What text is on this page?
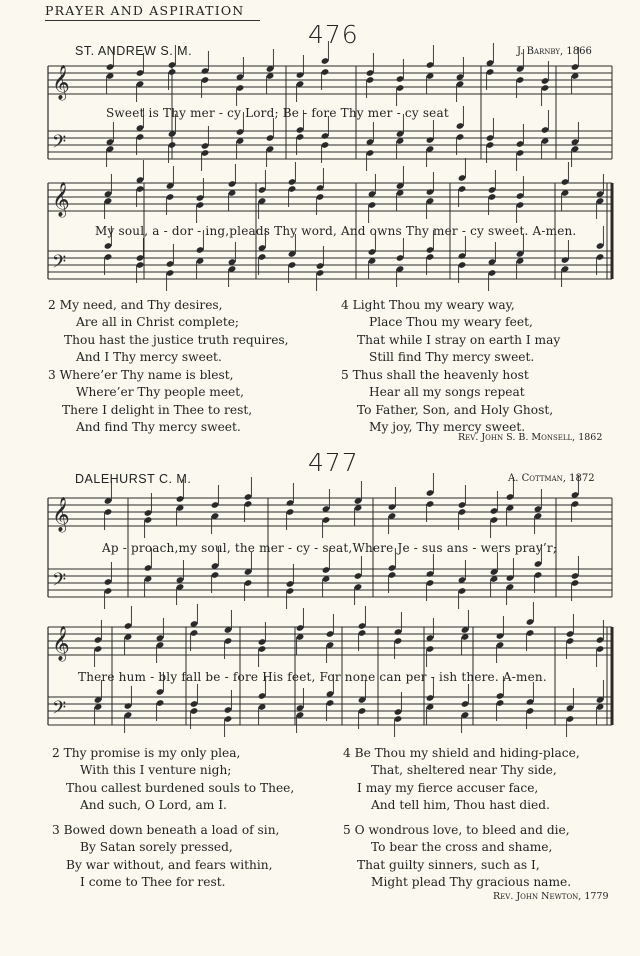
PRAYER AND ASPIRATION
476
ST. ANDREW S. M.	J. Barnby, 1866
𝄞
𝄢
𝄞
𝄢
𝄞
𝄢
𝄞
𝄢
Sweet is Thy mer - cy Lord; Be - fore Thy mer - cy seat
My soul, a - dor - ing,pleads Thy word, And owns Thy mer - cy sweet. A-men.
2 My need, and Thy desires,
Are all in Christ complete;
Thou hast the justice truth requires,
And I Thy mercy sweet.
3 Where’er Thy name is blest,
Where’er Thy people meet,
There I delight in Thee to rest,
And find Thy mercy sweet.
4 Light Thou my weary way,
Place Thou my weary feet,
That while I stray on earth I may
Still find Thy mercy sweet.
5 Thus shall the heavenly host
Hear all my songs repeat
To Father, Son, and Holy Ghost,
My joy, Thy mercy sweet.
Rev. John S. B. Monsell, 1862
477
DALEHURST C. M.	A. Cottman, 1872
Ap - proach,my soul, the mer - cy - seat,Where Je - sus ans - wers pray’r;
There hum - bly fall be - fore His feet, For none can per - ish there. A-men.
2 Thy promise is my only plea,
With this I venture nigh;
Thou callest burdened souls to Thee,
And such, O Lord, am I.
3 Bowed down beneath a load of sin,
By Satan sorely pressed,
By war without, and fears within,
I come to Thee for rest.
4 Be Thou my shield and hiding-place,
That, sheltered near Thy side,
I may my fierce accuser face,
And tell him, Thou hast died.
5 O wondrous love, to bleed and die,
To bear the cross and shame,
That guilty sinners, such as I,
Might plead Thy gracious name.
Rev. John Newton, 1779
